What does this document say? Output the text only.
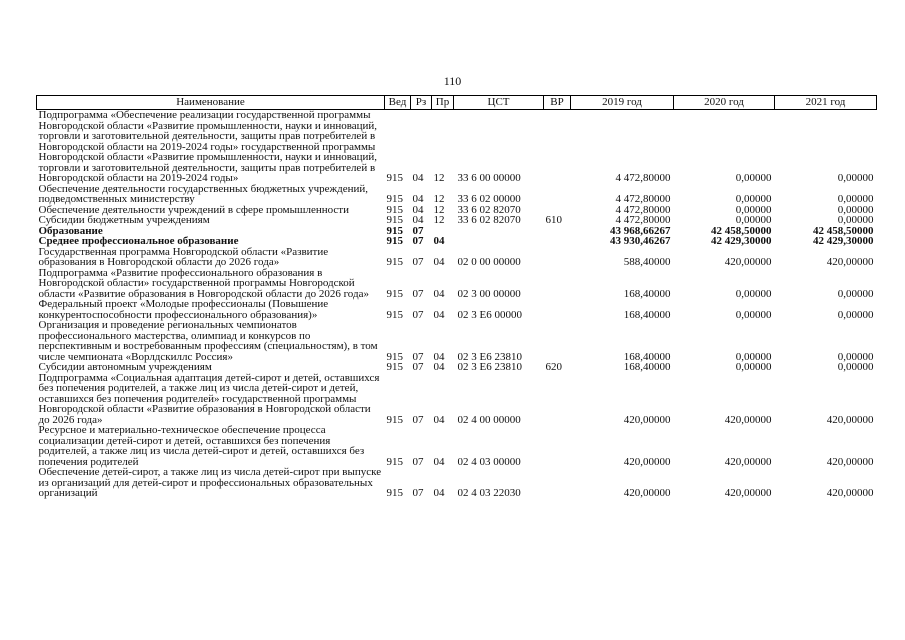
110
Наименование	Вед	Рз	Пр	ЦСТ	ВР	2019 год	2020 год	2021 год
Подпрограмма «Обеспечение реализации государственной программы Новгородской области «Развитие промышленности, науки и инноваций, торговли и заготовительной деятельности, защиты прав потребителей в Новгородской области на 2019-2024 годы» государственной программы Новгородской области «Развитие промышленности, науки и инноваций, торговли и заготовительной деятельности, защиты прав потребителей в Новгородской области на 2019-2024 годы»	915	04	12	33 6 00 00000		4 472,80000	0,00000	0,00000
Обеспечение деятельности государственных бюджетных учреждений, подведомственных министерству	915	04	12	33 6 02 00000		4 472,80000	0,00000	0,00000
Обеспечение деятельности учреждений в сфере промышленности	915	04	12	33 6 02 82070		4 472,80000	0,00000	0,00000
Субсидии бюджетным учреждениям	915	04	12	33 6 02 82070	610	4 472,80000	0,00000	0,00000
Образование	915	07				43 968,66267	42 458,50000	42 458,50000
Среднее профессиональное образование	915	07	04			43 930,46267	42 429,30000	42 429,30000
Государственная программа Новгородской области «Развитие образования в Новгородской области до 2026 года»	915	07	04	02 0 00 00000		588,40000	420,00000	420,00000
Подпрограмма «Развитие профессионального образования в Новгородской области» государственной программы Новгородской области «Развитие образования в Новгородской области до 2026 года»	915	07	04	02 3 00 00000		168,40000	0,00000	0,00000
Федеральный проект «Молодые профессионалы (Повышение конкурентоспособности профессионального образования)»	915	07	04	02 3 E6 00000		168,40000	0,00000	0,00000
Организация и проведение региональных чемпионатов профессионального мастерства, олимпиад и конкурсов по перспективным и востребованным профессиям (специальностям), в том числе чемпионата «Ворлдскиллс Россия»	915	07	04	02 3 E6 23810		168,40000	0,00000	0,00000
Субсидии автономным учреждениям	915	07	04	02 3 E6 23810	620	168,40000	0,00000	0,00000
Подпрограмма «Социальная адаптация детей-сирот и детей, оставшихся без попечения родителей, а также лиц из числа детей-сирот и детей, оставшихся без попечения родителей» государственной программы Новгородской области «Развитие образования в Новгородской области до 2026 года»	915	07	04	02 4 00 00000		420,00000	420,00000	420,00000
Ресурсное и материально-техническое обеспечение процесса социализации детей-сирот и детей, оставшихся без попечения родителей, а также лиц из числа детей-сирот и детей, оставшихся без попечения родителей	915	07	04	02 4 03 00000		420,00000	420,00000	420,00000
Обеспечение детей-сирот, а также лиц из числа детей-сирот при выпуске из организаций для детей-сирот и профессиональных образовательных организаций	915	07	04	02 4 03 22030		420,00000	420,00000	420,00000
